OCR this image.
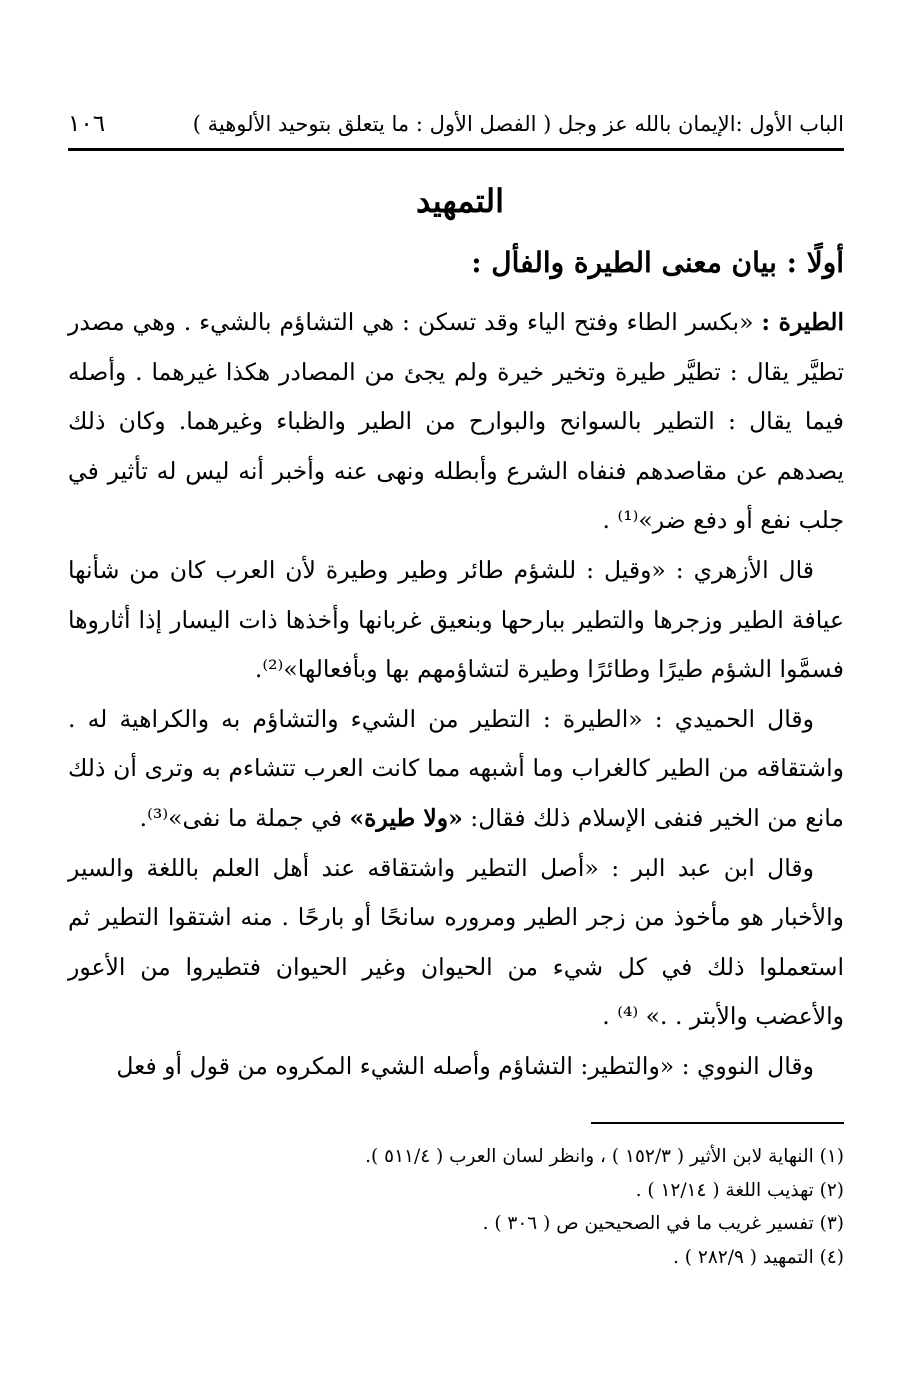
الباب الأول :الإيمان بالله عز وجل ( الفصل الأول : ما يتعلق بتوحيد الألوهية )
١٠٦
التمهيد
أولًا : بيان معنى الطيرة والفأل :

الطيرة : «بكسر الطاء وفتح الياء وقد تسكن : هي التشاؤم بالشيء . وهي مصدر تطيَّر يقال : تطيَّر طيرة وتخير خيرة ولم يجئ من المصادر هكذا غيرهما . وأصله فيما يقال : التطير بالسوانح والبوارح من الطير والظباء وغيرهما. وكان ذلك يصدهم عن مقاصدهم فنفاه الشرع وأبطله ونهى عنه وأخبر أنه ليس له تأثير في جلب نفع أو دفع ضر»⁽¹⁾ .

قال الأزهري : «وقيل : للشؤم طائر وطير وطيرة لأن العرب كان من شأنها عيافة الطير وزجرها والتطير ببارحها وبنعيق غربانها وأخذها ذات اليسار إذا أثاروها فسمَّوا الشؤم طيرًا وطائرًا وطيرة لتشاؤمهم بها وبأفعالها»⁽²⁾.

وقال الحميدي : «الطيرة : التطير من الشيء والتشاؤم به والكراهية له . واشتقاقه من الطير كالغراب وما أشبهه مما كانت العرب تتشاءم به وترى أن ذلك مانع من الخير فنفى الإسلام ذلك فقال: «ولا طيرة» في جملة ما نفى»⁽³⁾.

وقال ابن عبد البر : «أصل التطير واشتقاقه عند أهل العلم باللغة والسير والأخبار هو مأخوذ من زجر الطير ومروره سانحًا أو بارحًا . منه اشتقوا التطير ثم استعملوا ذلك في كل شيء من الحيوان وغير الحيوان فتطيروا من الأعور والأعضب والأبتر . .» ⁽⁴⁾ .

وقال النووي : «والتطير: التشاؤم وأصله الشيء المكروه من قول أو فعل

(١) النهاية لابن الأثير ( ١٥٢/٣ ) ، وانظر لسان العرب ( ٥١١/٤ ).

(٢) تهذيب اللغة ( ١٢/١٤ ) .

(٣) تفسير غريب ما في الصحيحين ص ( ٣٠٦ ) .

(٤) التمهيد ( ٢٨٢/٩ ) .
